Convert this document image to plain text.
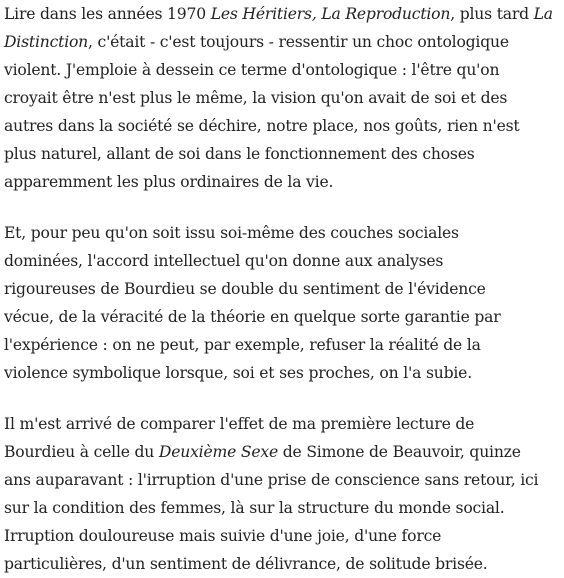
Lire dans les années 1970 Les Héritiers, La Reproduction, plus tard La
Distinction, c'était - c'est toujours - ressentir un choc ontologique
violent. J'emploie à dessein ce terme d'ontologique : l'être qu'on
croyait être n'est plus le même, la vision qu'on avait de soi et des
autres dans la société se déchire, notre place, nos goûts, rien n'est
plus naturel, allant de soi dans le fonctionnement des choses
apparemment les plus ordinaires de la vie.

Et, pour peu qu'on soit issu soi-même des couches sociales
dominées, l'accord intellectuel qu'on donne aux analyses
rigoureuses de Bourdieu se double du sentiment de l'évidence
vécue, de la véracité de la théorie en quelque sorte garantie par
l'expérience : on ne peut, par exemple, refuser la réalité de la
violence symbolique lorsque, soi et ses proches, on l'a subie.

Il m'est arrivé de comparer l'effet de ma première lecture de
Bourdieu à celle du Deuxième Sexe de Simone de Beauvoir, quinze
ans auparavant : l'irruption d'une prise de conscience sans retour, ici
sur la condition des femmes, là sur la structure du monde social.
Irruption douloureuse mais suivie d'une joie, d'une force
particulières, d'un sentiment de délivrance, de solitude brisée.
